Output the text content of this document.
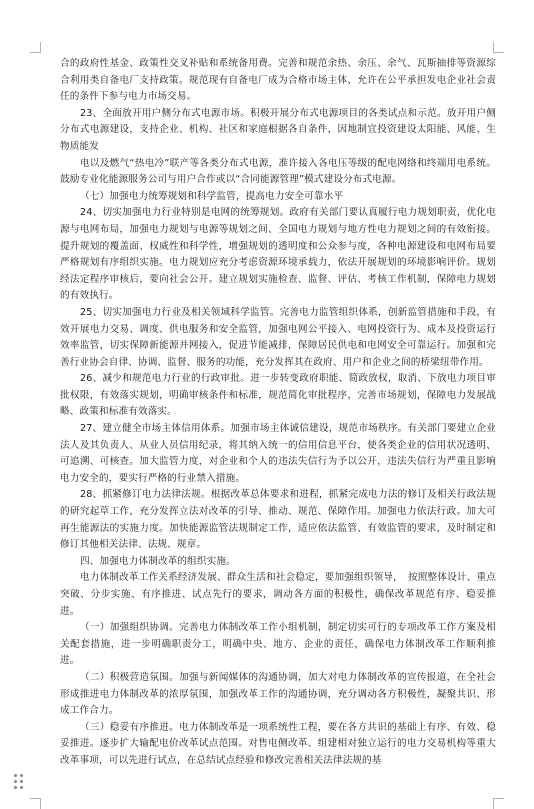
合的政府性基金、政策性交叉补贴和系统备用费。完善和规范余热、余压、余气、瓦斯抽排等资源综合利用类自备电厂支持政策。规范现有自备电厂成为合格市场主体，允许在公平承担发电企业社会责任的条件下参与电力市场交易。

23、全面放开用户侧分布式电源市场。积极开展分布式电源项目的各类试点和示范。放开用户侧分布式电源建设，支持企业、机构、社区和家庭根据各自条件，因地制宜投资建设太阳能、风能、生物质能发

电以及燃气“热电冷”联产等各类分布式电源，准许接入各电压等级的配电网络和终端用电系统。鼓励专业化能源服务公司与用户合作或以“合同能源管理”模式建设分布式电源。

（七）加强电力统筹规划和科学监管，提高电力安全可靠水平

24、切实加强电力行业特别是电网的统筹规划。政府有关部门要认真履行电力规划职责，优化电源与电网布局，加强电力规划与电源等规划之间、全国电力规划与地方性电力规划之间的有效衔接。提升规划的覆盖面、权威性和科学性，增强规划的透明度和公众参与度，各种电源建设和电网布局要严格规划有序组织实施。电力规划应充分考虑资源环境承载力，依法开展规划的环境影响评价。规划经法定程序审核后，要向社会公开。建立规划实施检查、监督、评估、考核工作机制，保障电力规划的有效执行。

25、切实加强电力行业及相关领域科学监管。完善电力监管组织体系，创新监管措施和手段，有效开展电力交易、调度、供电服务和安全监管，加强电网公平接入、电网投资行为、成本及投资运行效率监管，切实保障新能源并网接入，促进节能减排，保障居民供电和电网安全可靠运行。加强和完善行业协会自律、协调、监督、服务的功能，充分发挥其在政府、用户和企业之间的桥梁纽带作用。

26、减少和规范电力行业的行政审批。进一步转变政府职能、简政放权，取消、下放电力项目审批权限，有效落实规划，明确审核条件和标准，规范简化审批程序，完善市场规划，保障电力发展战略、政策和标准有效落实。

27、建立健全市场主体信用体系。加强市场主体诚信建设，规范市场秩序。有关部门要建立企业法人及其负责人、从业人员信用纪录，将其纳入统一的信用信息平台，使各类企业的信用状况透明、可追溯、可核查。加大监管力度，对企业和个人的违法失信行为予以公开，违法失信行为严重且影响电力安全的，要实行严格的行业禁入措施。

28、抓紧修订电力法律法规。根据改革总体要求和进程，抓紧完成电力法的修订及相关行政法规的研究起草工作，充分发挥立法对改革的引导、推动、规范、保障作用。加强电力依法行政。加大可再生能源法的实施力度。加快能源监管法规制定工作，适应依法监管、有效监管的要求，及时制定和修订其他相关法律、法规、规章。

四、加强电力体制改革的组织实施。

电力体制改革工作关系经济发展、群众生活和社会稳定，要加强组织领导，　按照整体设计、重点突破、分步实施、有序推进、试点先行的要求，调动各方面的积极性，确保改革规范有序、稳妥推进。

（一）加强组织协调。完善电力体制改革工作小组机制，制定切实可行的专项改革工作方案及相关配套措施，进一步明确职责分工，明确中央、地方、企业的责任，确保电力体制改革工作顺利推进。

（二）积极营造氛围。加强与新闻媒体的沟通协调，加大对电力体制改革的宣传报道，在全社会形成推进电力体制改革的浓厚氛围，加强改革工作的沟通协调，充分调动各方积极性，凝聚共识、形成工作合力。

（三）稳妥有序推进。电力体制改革是一项系统性工程，要在各方共识的基础上有序、有效、稳妥推进。逐步扩大输配电价改革试点范围。对售电侧改革、组建相对独立运行的电力交易机构等重大改革事项，可以先进行试点，在总结试点经验和修改完善相关法律法规的基
